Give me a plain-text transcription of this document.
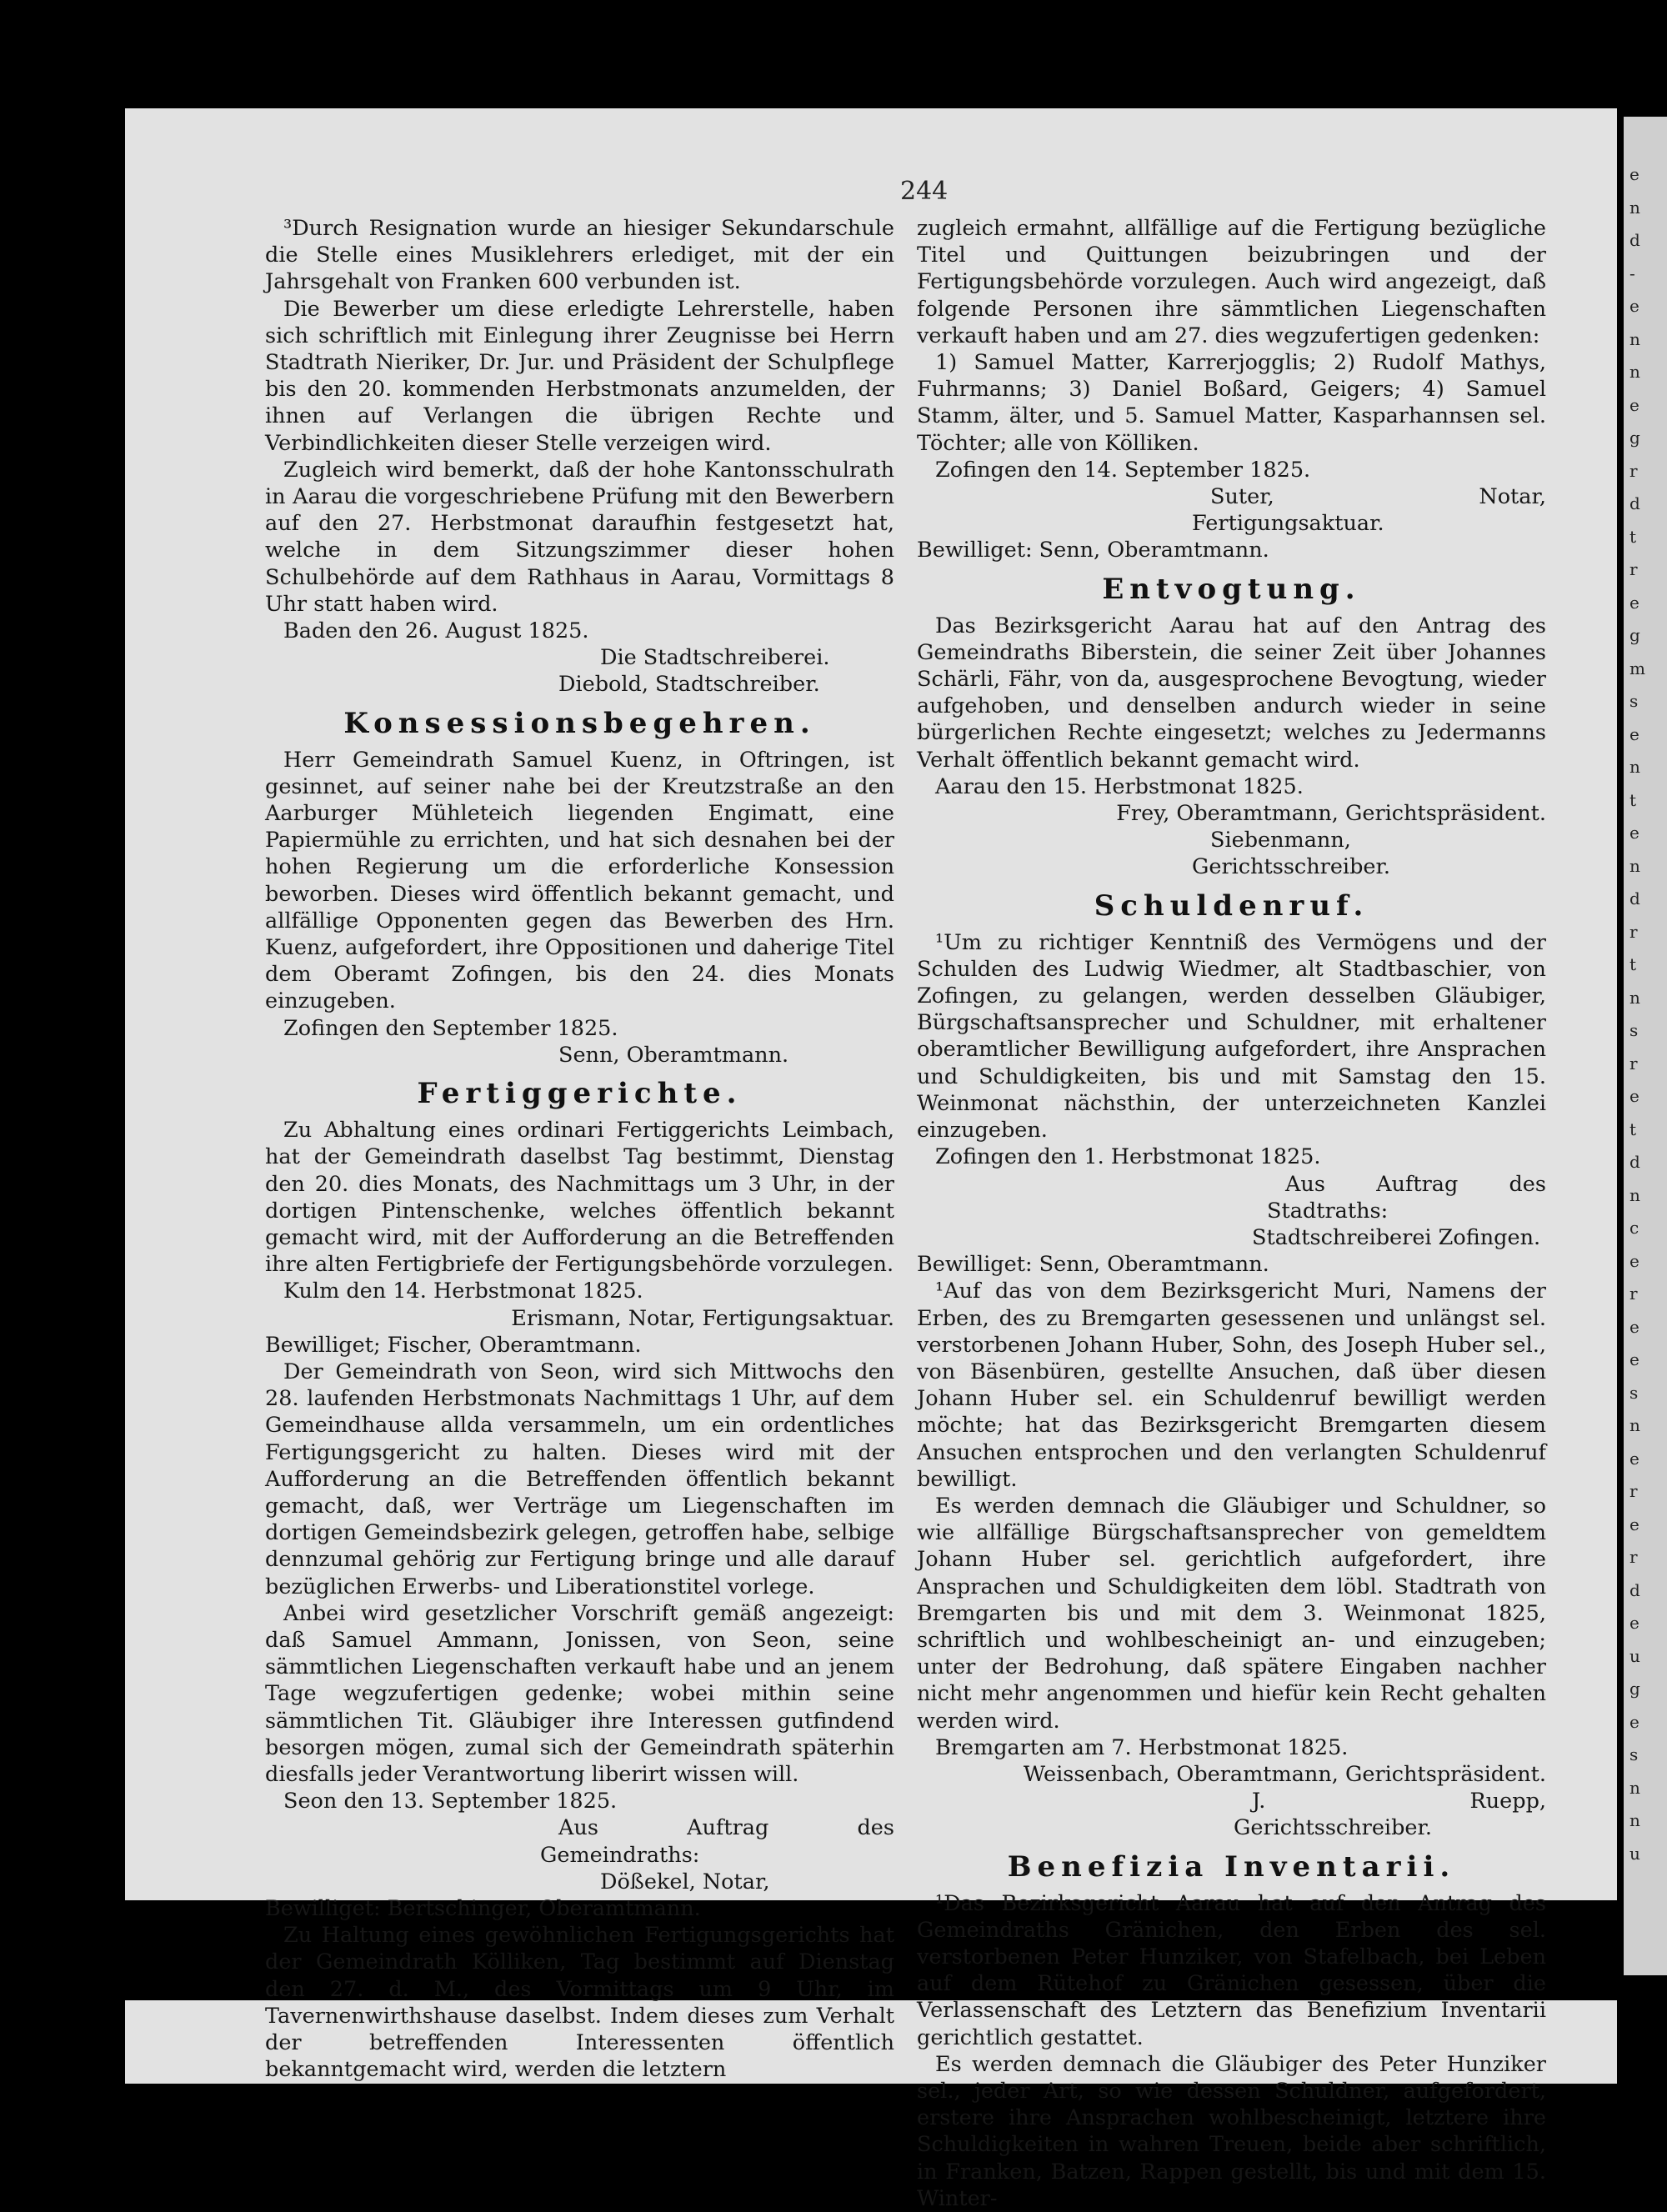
e
n
d
-
e
n
n
e
g
r
d
t
r
e
g
m
s
e
n
t
e
n
d
r
t
n
s
r
e
t
d
n
c
e
r
e
e
s
n
e
r
e
r
d
e
u
g
e
s
n
n
u
244

³Durch Resignation wurde an hiesiger Sekundarschule die Stelle eines Musiklehrers erlediget, mit der ein Jahrsgehalt von Franken 600 verbunden ist.

Die Bewerber um diese erledigte Lehrerstelle, haben sich schriftlich mit Einlegung ihrer Zeugnisse bei Herrn Stadtrath Nieriker, Dr. Jur. und Präsident der Schulpflege bis den 20. kommenden Herbstmonats anzumelden, der ihnen auf Verlangen die übrigen Rechte und Verbindlichkeiten dieser Stelle verzeigen wird.

Zugleich wird bemerkt, daß der hohe Kantonsschulrath in Aarau die vorgeschriebene Prüfung mit den Bewerbern auf den 27. Herbstmonat daraufhin festgesetzt hat, welche in dem Sitzungszimmer dieser hohen Schulbehörde auf dem Rathhaus in Aarau, Vormittags 8 Uhr statt haben wird.

Baden den 26. August 1825.

Die Stadtschreiberei.

Diebold, Stadtschreiber.

Konsessionsbegehren.

Herr Gemeindrath Samuel Kuenz, in Oftringen, ist gesinnet, auf seiner nahe bei der Kreutzstraße an den Aarburger Mühleteich liegenden Engimatt, eine Papiermühle zu errichten, und hat sich desnahen bei der hohen Regierung um die erforderliche Konsession beworben. Dieses wird öffentlich bekannt gemacht, und allfällige Opponenten gegen das Bewerben des Hrn. Kuenz, aufgefordert, ihre Oppositionen und daherige Titel dem Oberamt Zofingen, bis den 24. dies Monats einzugeben.

Zofingen den September 1825.

Senn, Oberamtmann.

Fertiggerichte.

Zu Abhaltung eines ordinari Fertiggerichts Leimbach, hat der Gemeindrath daselbst Tag bestimmt, Dienstag den 20. dies Monats, des Nachmittags um 3 Uhr, in der dortigen Pintenschenke, welches öffentlich bekannt gemacht wird, mit der Aufforderung an die Betreffenden ihre alten Fertigbriefe der Fertigungsbehörde vorzulegen.

Kulm den 14. Herbstmonat 1825.

Erismann, Notar, Fertigungsaktuar.

Bewilliget; Fischer, Oberamtmann.

Der Gemeindrath von Seon, wird sich Mittwochs den 28. laufenden Herbstmonats Nachmittags 1 Uhr, auf dem Gemeindhause allda versammeln, um ein ordentliches Fertigungsgericht zu halten. Dieses wird mit der Aufforderung an die Betreffenden öffentlich bekannt gemacht, daß, wer Verträge um Liegenschaften im dortigen Gemeindsbezirk gelegen, getroffen habe, selbige dennzumal gehörig zur Fertigung bringe und alle darauf bezüglichen Erwerbs- und Liberationstitel vorlege.

Anbei wird gesetzlicher Vorschrift gemäß angezeigt: daß Samuel Ammann, Jonissen, von Seon, seine sämmtlichen Liegenschaften verkauft habe und an jenem Tage wegzufertigen gedenke; wobei mithin seine sämmtlichen Tit. Gläubiger ihre Interessen gutfindend besorgen mögen, zumal sich der Gemeindrath späterhin diesfalls jeder Verantwortung liberirt wissen will.

Seon den 13. September 1825.

Aus Auftrag des Gemeindraths:

Dößekel, Notar,

Bewilliget: Bertschinger, Oberamtmann.

Zu Haltung eines gewöhnlichen Fertigungsgerichts hat der Gemeindrath Kölliken, Tag bestimmt auf Dienstag den 27. d. M., des Vormittags um 9 Uhr, im Tavernenwirthshause daselbst. Indem dieses zum Verhalt der betreffenden Interessenten öffentlich bekanntgemacht wird, werden die letztern

zugleich ermahnt, allfällige auf die Fertigung bezügliche Titel und Quittungen beizubringen und der Fertigungsbehörde vorzulegen. Auch wird angezeigt, daß folgende Personen ihre sämmtlichen Liegenschaften verkauft haben und am 27. dies wegzufertigen gedenken:

1) Samuel Matter, Karrerjogglis; 2) Rudolf Mathys, Fuhrmanns; 3) Daniel Boßard, Geigers; 4) Samuel Stamm, älter, und 5. Samuel Matter, Kasparhannsen sel. Töchter; alle von Kölliken.

Zofingen den 14. September 1825.

Suter, Notar, Fertigungsaktuar.

Bewilliget: Senn, Oberamtmann.

Entvogtung.

Das Bezirksgericht Aarau hat auf den Antrag des Gemeindraths Biberstein, die seiner Zeit über Johannes Schärli, Fähr, von da, ausgesprochene Bevogtung, wieder aufgehoben, und denselben andurch wieder in seine bürgerlichen Rechte eingesetzt; welches zu Jedermanns Verhalt öffentlich bekannt gemacht wird.

Aarau den 15. Herbstmonat 1825.

Frey, Oberamtmann, Gerichtspräsident.

Siebenmann, Gerichtsschreiber.

Schuldenruf.

¹Um zu richtiger Kenntniß des Vermögens und der Schulden des Ludwig Wiedmer, alt Stadtbaschier, von Zofingen, zu gelangen, werden desselben Gläubiger, Bürgschaftsansprecher und Schuldner, mit erhaltener oberamtlicher Bewilligung aufgefordert, ihre Ansprachen und Schuldigkeiten, bis und mit Samstag den 15. Weinmonat nächsthin, der unterzeichneten Kanzlei einzugeben.

Zofingen den 1. Herbstmonat 1825.

Aus Auftrag des Stadtraths:

Stadtschreiberei Zofingen.

Bewilliget: Senn, Oberamtmann.

¹Auf das von dem Bezirksgericht Muri, Namens der Erben, des zu Bremgarten gesessenen und unlängst sel. verstorbenen Johann Huber, Sohn, des Joseph Huber sel., von Bäsenbüren, gestellte Ansuchen, daß über diesen Johann Huber sel. ein Schuldenruf bewilligt werden möchte; hat das Bezirksgericht Bremgarten diesem Ansuchen entsprochen und den verlangten Schuldenruf bewilligt.

Es werden demnach die Gläubiger und Schuldner, so wie allfällige Bürgschaftsansprecher von gemeldtem Johann Huber sel. gerichtlich aufgefordert, ihre Ansprachen und Schuldigkeiten dem löbl. Stadtrath von Bremgarten bis und mit dem 3. Weinmonat 1825, schriftlich und wohlbescheinigt an- und einzugeben; unter der Bedrohung, daß spätere Eingaben nachher nicht mehr angenommen und hiefür kein Recht gehalten werden wird.

Bremgarten am 7. Herbstmonat 1825.

Weissenbach, Oberamtmann, Gerichtspräsident.

J. Ruepp, Gerichtsschreiber.

Benefizia Inventarii.

¹Das Bezirksgericht Aarau hat auf den Antrag des Gemeindraths Gränichen, den Erben des sel. verstorbenen Peter Hunziker, von Stafelbach, bei Leben auf dem Rütehof zu Gränichen gesessen, über die Verlassenschaft des Letztern das Benefizium Inventarii gerichtlich gestattet.

Es werden demnach die Gläubiger des Peter Hunziker sel., jeder Art, so wie dessen Schuldner, aufgefordert, erstere ihre Ansprachen wohlbescheinigt, letztere ihre Schuldigkeiten in wahren Treuen, beide aber schriftlich, in Franken, Batzen, Rappen gestellt, bis und mit dem 15. Winter-
